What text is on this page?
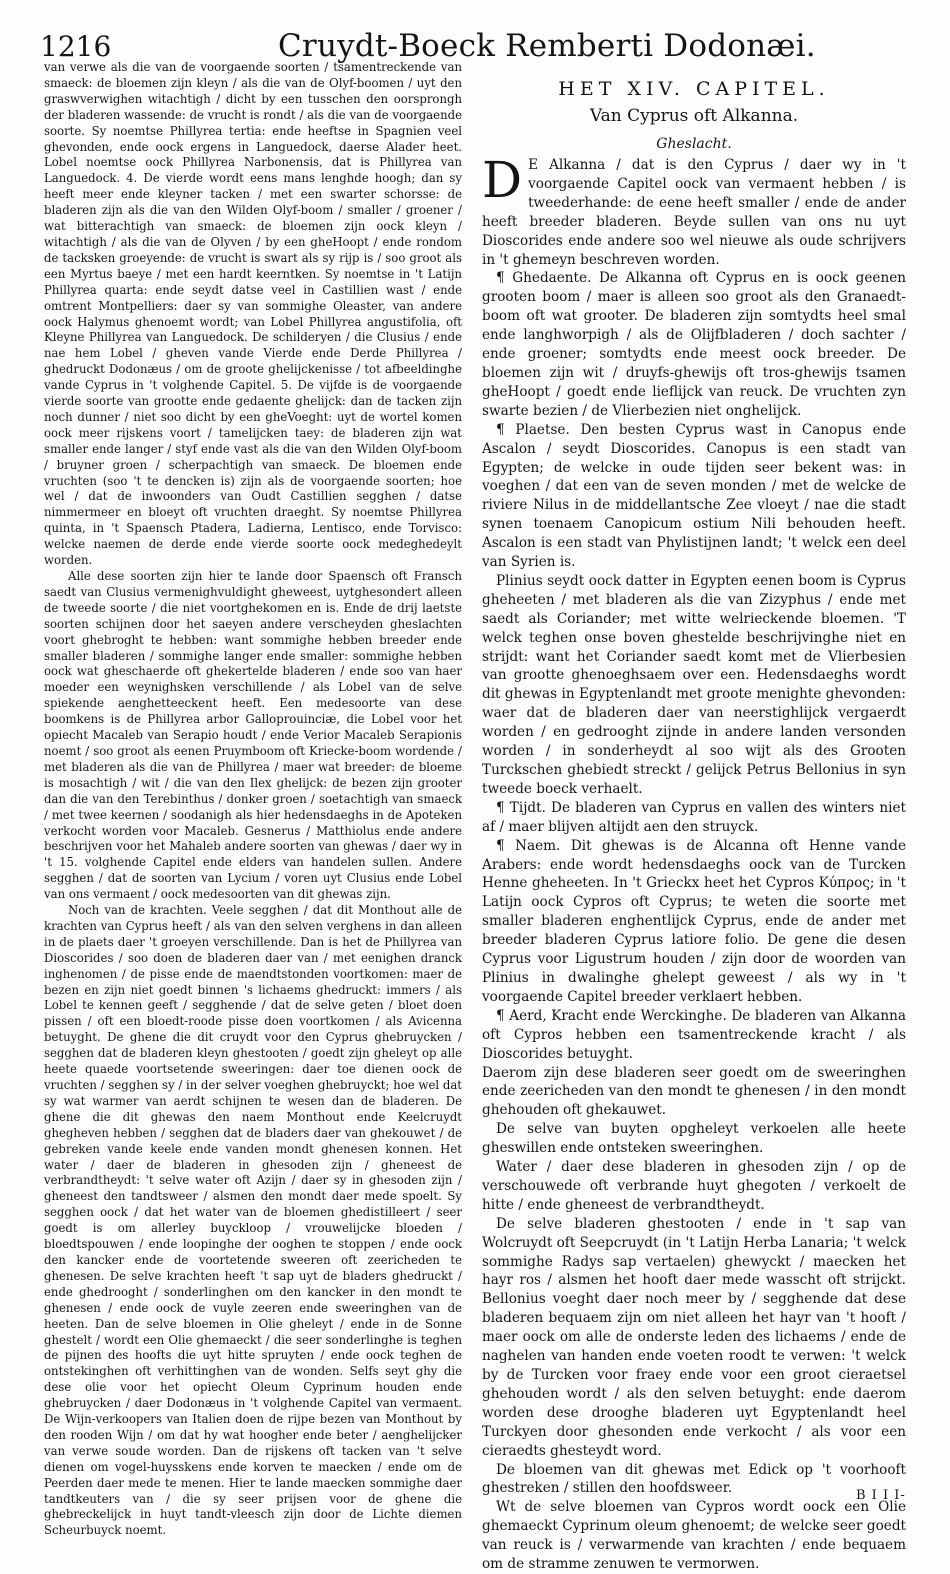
1216	Cruydt-Boeck Remberti Dodonæi.

van verwe als die van de voorgaende soorten / tsamentreckende van smaeck: de bloemen zijn kleyn / als die van de Olyf-boomen / uyt den graswverwighen witachtigh / dicht by een tusschen den oorsprongh der bladeren wassende: de vrucht is rondt / als die van de voorgaende soorte. Sy noemtse Phillyrea tertia: ende heeftse in Spagnien veel ghevonden, ende oock ergens in Languedock, daerse Alader heet. Lobel noemtse oock Phillyrea Narbonensis, dat is Phillyrea van Languedock. 4. De vierde wordt eens mans lenghde hoogh; dan sy heeft meer ende kleyner tacken / met een swarter schorsse: de bladeren zijn als die van den Wilden Olyf-boom / smaller / groener / wat bitterachtigh van smaeck: de bloemen zijn oock kleyn / witachtigh / als die van de Olyven / by een gheHoopt / ende rondom de tacksken groeyende: de vrucht is swart als sy rijp is / soo groot als een Myrtus baeye / met een hardt keerntken. Sy noemtse in 't Latijn Phillyrea quarta: ende seydt datse veel in Castillien wast / ende omtrent Montpelliers: daer sy van sommighe Oleaster, van andere oock Halymus ghenoemt wordt; van Lobel Phillyrea angustifolia, oft Kleyne Phillyrea van Languedock. De schilderyen / die Clusius / ende nae hem Lobel / gheven vande Vierde ende Derde Phillyrea / ghedruckt Dodonæus / om de groote ghelijckenisse / tot afbeeldinghe vande Cyprus in 't volghende Capitel. 5. De vijfde is de voorgaende vierde soorte van grootte ende gedaente ghelijck: dan de tacken zijn noch dunner / niet soo dicht by een gheVoeght: uyt de wortel komen oock meer rijskens voort / tamelijcken taey: de bladeren zijn wat smaller ende langer / styf ende vast als die van den Wilden Olyf-boom / bruyner groen / scherpachtigh van smaeck. De bloemen ende vruchten (soo 't te dencken is) zijn als de voorgaende soorten; hoe wel / dat de inwoonders van Oudt Castillien segghen / datse nimmermeer en bloeyt oft vruchten draeght. Sy noemtse Phillyrea quinta, in 't Spaensch Ptadera, Ladierna, Lentisco, ende Torvisco: welcke naemen de derde ende vierde soorte oock medeghedeylt worden.

Alle dese soorten zijn hier te lande door Spaensch oft Fransch saedt van Clusius vermenighvuldight gheweest, uytghesondert alleen de tweede soorte / die niet voortghekomen en is. Ende de drij laetste soorten schijnen door het saeyen andere verscheyden gheslachten voort ghebroght te hebben: want sommighe hebben breeder ende smaller bladeren / sommighe langer ende smaller: sommighe hebben oock wat gheschaerde oft ghekertelde bladeren / ende soo van haer moeder een weynighsken verschillende / als Lobel van de selve spiekende aenghetteeckent heeft. Een medesoorte van dese boomkens is de Phillyrea arbor Galloprouinciæ, die Lobel voor het opiecht Macaleb van Serapio houdt / ende Verior Macaleb Serapionis noemt / soo groot als eenen Pruymboom oft Kriecke-boom wordende / met bladeren als die van de Phillyrea / maer wat breeder: de bloeme is mosachtigh / wit / die van den Ilex ghelijck: de bezen zijn grooter dan die van den Terebinthus / donker groen / soetachtigh van smaeck / met twee keernen / soodanigh als hier hedensdaeghs in de Apoteken verkocht worden voor Macaleb. Gesnerus / Matthiolus ende andere beschrijven voor het Mahaleb andere soorten van ghewas / daer wy in 't 15. volghende Capitel ende elders van handelen sullen. Andere segghen / dat de soorten van Lycium / voren uyt Clusius ende Lobel van ons vermaent / oock medesoorten van dit ghewas zijn.

Noch van de krachten. Veele segghen / dat dit Monthout alle de krachten van Cyprus heeft / als van den selven verghens in dan alleen in de plaets daer 't groeyen verschillende. Dan is het de Phillyrea van Dioscorides / soo doen de bladeren daer van / met eenighen dranck inghenomen / de pisse ende de maendtstonden voortkomen: maer de bezen en zijn niet goedt binnen 's lichaems ghedruckt: immers / als Lobel te kennen geeft / segghende / dat de selve geten / bloet doen pissen / oft een bloedt-roode pisse doen voortkomen / als Avicenna betuyght. De ghene die dit cruydt voor den Cyprus ghebruycken / segghen dat de bladeren kleyn ghestooten / goedt zijn gheleyt op alle heete quaede voortsetende sweeringen: daer toe dienen oock de vruchten / segghen sy / in der selver voeghen ghebruyckt; hoe wel dat sy wat warmer van aerdt schijnen te wesen dan de bladeren. De ghene die dit ghewas den naem Monthout ende Keelcruydt ghegheven hebben / segghen dat de bladers daer van ghekouwet / de gebreken vande keele ende vanden mondt ghenesen konnen. Het water / daer de bladeren in ghesoden zijn / gheneest de verbrandtheydt: 't selve water oft Azijn / daer sy in ghesoden zijn / gheneest den tandtsweer / alsmen den mondt daer mede spoelt. Sy segghen oock / dat het water van de bloemen ghedistilleert / seer goedt is om allerley buyckloop / vrouwelijcke bloeden / bloedtspouwen / ende loopinghe der ooghen te stoppen / ende oock den kancker ende de voortetende sweeren oft zeericheden te ghenesen. De selve krachten heeft 't sap uyt de bladers ghedruckt / ende ghedrooght / sonderlinghen om den kancker in den mondt te ghenesen / ende oock de vuyle zeeren ende sweeringhen van de heeten. Dan de selve bloemen in Olie gheleyt / ende in de Sonne ghestelt / wordt een Olie ghemaeckt / die seer sonderlinghe is teghen de pijnen des hoofts die uyt hitte spruyten / ende oock teghen de ontstekinghen oft verhittinghen van de wonden. Selfs seyt ghy die dese olie voor het opiecht Oleum Cyprinum houden ende ghebruycken / daer Dodonæus in 't volghende Capitel van vermaent. De Wijn-verkoopers van Italien doen de rijpe bezen van Monthout by den rooden Wijn / om dat hy wat hoogher ende beter / aenghelijcker van verwe soude worden. Dan de rijskens oft tacken van 't selve dienen om vogel-huysskens ende korven te maecken / ende om de Peerden daer mede te menen. Hier te lande maecken sommighe daer tandtkeuters van / die sy seer prijsen voor de ghene die ghebreckelijck in huyt tandt-vleesch zijn door de Lichte diemen Scheurbuyck noemt.

HET XIV. CAPITEL.
Van Cyprus oft Alkanna.
Gheslacht.

D E Alkanna / dat is den Cyprus / daer wy in 't voorgaende Capitel oock van vermaent hebben / is tweederhande: de eene heeft smaller / ende de ander heeft breeder bladeren. Beyde sullen van ons nu uyt Dioscorides ende andere soo wel nieuwe als oude schrijvers in 't ghemeyn beschreven worden.

¶ Ghedaente. De Alkanna oft Cyprus en is oock geenen grooten boom / maer is alleen soo groot als den Granaedt-boom oft wat grooter. De bladeren zijn somtydts heel smal ende langhworpigh / als de Olijfbladeren / doch sachter / ende groener; somtydts ende meest oock breeder. De bloemen zijn wit / druyfs-ghewijs oft tros-ghewijs tsamen gheHoopt / goedt ende lieflijck van reuck. De vruchten zyn swarte bezien / de Vlierbezien niet onghelijck.

¶ Plaetse. Den besten Cyprus wast in Canopus ende Ascalon / seydt Dioscorides. Canopus is een stadt van Egypten; de welcke in oude tijden seer bekent was: in voeghen / dat een van de seven monden / met de welcke de riviere Nilus in de middellantsche Zee vloeyt / nae die stadt synen toenaem Canopicum ostium Nili behouden heeft. Ascalon is een stadt van Phylistijnen landt; 't welck een deel van Syrien is.

Plinius seydt oock datter in Egypten eenen boom is Cyprus gheheeten / met bladeren als die van Zizyphus / ende met saedt als Coriander; met witte welrieckende bloemen. 'T welck teghen onse boven ghestelde beschrijvinghe niet en strijdt: want het Coriander saedt komt met de Vlierbesien van grootte ghenoeghsaem over een. Hedensdaeghs wordt dit ghewas in Egyptenlandt met groote menighte ghevonden: waer dat de bladeren daer van neerstighlijck vergaerdt worden / en gedrooght zijnde in andere landen versonden worden / in sonderheydt al soo wijt als des Grooten Turckschen ghebiedt streckt / gelijck Petrus Bellonius in syn tweede boeck verhaelt.

¶ Tijdt. De bladeren van Cyprus en vallen des winters niet af / maer blijven altijdt aen den struyck.

¶ Naem. Dit ghewas is de Alcanna oft Henne vande Arabers: ende wordt hedensdaeghs oock van de Turcken Henne gheheeten. In 't Grieckx heet het Cypros Κύπρος; in 't Latijn oock Cypros oft Cyprus; te weten die soorte met smaller bladeren enghentlijck Cyprus, ende de ander met breeder bladeren Cyprus latiore folio. De gene die desen Cyprus voor Ligustrum houden / zijn door de woorden van Plinius in dwalinghe ghelept geweest / als wy in 't voorgaende Capitel breeder verklaert hebben.

¶ Aerd, Kracht ende Werckinghe. De bladeren van Alkanna oft Cypros hebben een tsamentreckende kracht / als Dioscorides betuyght.

Daerom zijn dese bladeren seer goedt om de sweeringhen ende zeericheden van den mondt te ghenesen / in den mondt ghehouden oft ghekauwet.

De selve van buyten opgheleyt verkoelen alle heete gheswillen ende ontsteken sweeringhen.

Water / daer dese bladeren in ghesoden zijn / op de verschouwede oft verbrande huyt ghegoten / verkoelt de hitte / ende gheneest de verbrandtheydt.

De selve bladeren ghestooten / ende in 't sap van Wolcruydt oft Seepcruydt (in 't Latijn Herba Lanaria; 't welck sommighe Radys sap vertaelen) ghewyckt / maecken het hayr ros / alsmen het hooft daer mede wasscht oft strijckt. Bellonius voeght daer noch meer by / segghende dat dese bladeren bequaem zijn om niet alleen het hayr van 't hooft / maer oock om alle de onderste leden des lichaems / ende de naghelen van handen ende voeten roodt te verwen: 't welck by de Turcken voor fraey ende voor een groot cieraetsel ghehouden wordt / als den selven betuyght: ende daerom worden dese drooghe bladeren uyt Egyptenlandt heel Turckyen door ghesonden ende verkocht / als voor een cieraedts ghesteydt word.

De bloemen van dit ghewas met Edick op 't voorhooft ghestreken / stillen den hoofdsweer.

Wt de selve bloemen van Cypros wordt oock een Olie ghemaeckt Cyprinum oleum ghenoemt; de welcke seer goedt van reuck is / verwarmende van krachten / ende bequaem om de stramme zenuwen te vermorwen.

B I I I-
